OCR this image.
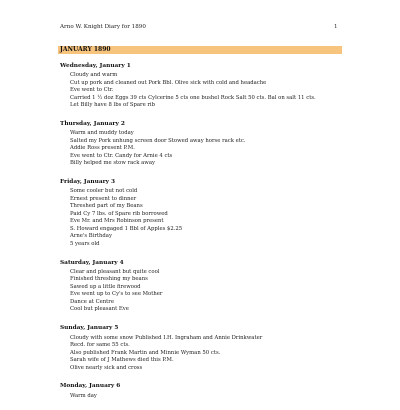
Arno W. Knight Diary for 1890	1
JANUARY 1890
Wednesday, January 1
Cloudy and warm
Cut up pork and cleaned out Pork Bbl. Olive sick with cold and headache
Eve went to Ctr.
Carried 1 ½ doz Eggs 39 cts Cylcerine 5 cts one bushel Rock Salt 50 cts. Bal on salt 11 cts.
Let Billy have 8 lbs of Spare rib
Thursday, January 2
Warm and muddy today
Salted my Pork unhung screen door Stowed away horse rack etc.
Addie Ross present P.M.
Eve went to Ctr. Candy for Arnie 4 cts
Billy helped me stow rack away
Friday, January 3
Some cooler but not cold
Ernest present to dinner
Threshed part of my Beans
Paid Cy 7 lbs. of Spare rib borrowed
Eve Mr. and Mrs Robinson present
S. Howard engaged 1 Bbl of Apples $2.25
Arne's Birthday
5 years old
Saturday, January 4
Clear and pleasant but quite cool
Finished threshing my beans
Sawed up a little firewood
Eve went up to Cy's to see Mother
Dance at Centre
Cool but pleasant Eve
Sunday, January 5
Cloudy with some snow Published I.H. Ingraham and Annie Drinkwater
Recd. for same 55 cts.
Also published Frank Martin and Minnie Wyman 50 cts.
Sarah wife of J Mathews died this P.M.
Olive nearly sick and cross
Monday, January 6
Warm day
